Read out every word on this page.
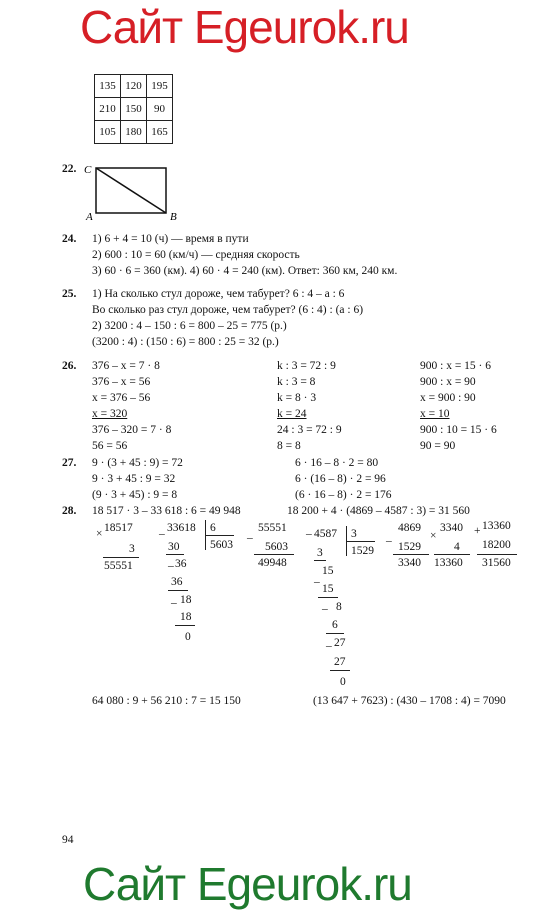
Сайт Egeurok.ru
Сайт Egeurok.ru
135	120	195
210	150	90
105	180	165
22. C
A	B
24. 1) 6 + 4 = 10 (ч) — время в пути
2) 600 : 10 = 60 (км/ч) — средняя скорость
3) 60 · 6 = 360 (км). 4) 60 · 4 = 240 (км). Ответ: 360 км, 240 км.
25. 1) На сколько стул дороже, чем табурет? 6 : 4 – a : 6
Во сколько раз стул дороже, чем табурет? (6 : 4) : (a : 6)
2) 3200 : 4 – 150 : 6 = 800 – 25 = 775 (р.)
(3200 : 4) : (150 : 6) = 800 : 25 = 32 (р.)
26. 376 – x = 7 · 8
376 – x = 56
x = 376 – 56
x = 320
376 – 320 = 7 · 8
56 = 56
k : 3 = 72 : 9
k : 3 = 8
k = 8 · 3
k = 24
24 : 3 = 72 : 9
8 = 8
900 : x = 15 · 6
900 : x = 90
x = 900 : 90
x = 10
900 : 10 = 15 · 6
90 = 90
27. 9 · (3 + 45 : 9) = 72
9 · 3 + 45 : 9 = 32
(9 · 3 + 45) : 9 = 8
6 · 16 – 8 · 2 = 80
6 · (16 – 8) · 2 = 96
(6 · 16 – 8) · 2 = 176
28. 18 517 · 3 – 33 618 : 6 = 49 948	18 200 + 4 · (4869 – 4587 : 3) = 31 560
× 18517
3
55551
– 33618 6
5603
30
– 36
36
– 18
18
0
–
55551
5603
49948
– 4587 3
1529
3
–
15
15
– 8
6
– 27
27
0
–
4869
1529
3340
×
3340
4
13360
+ 13360
18200
31560
64 080 : 9 + 56 210 : 7 = 15 150	(13 647 + 7623) : (430 – 1708 : 4) = 7090
94
